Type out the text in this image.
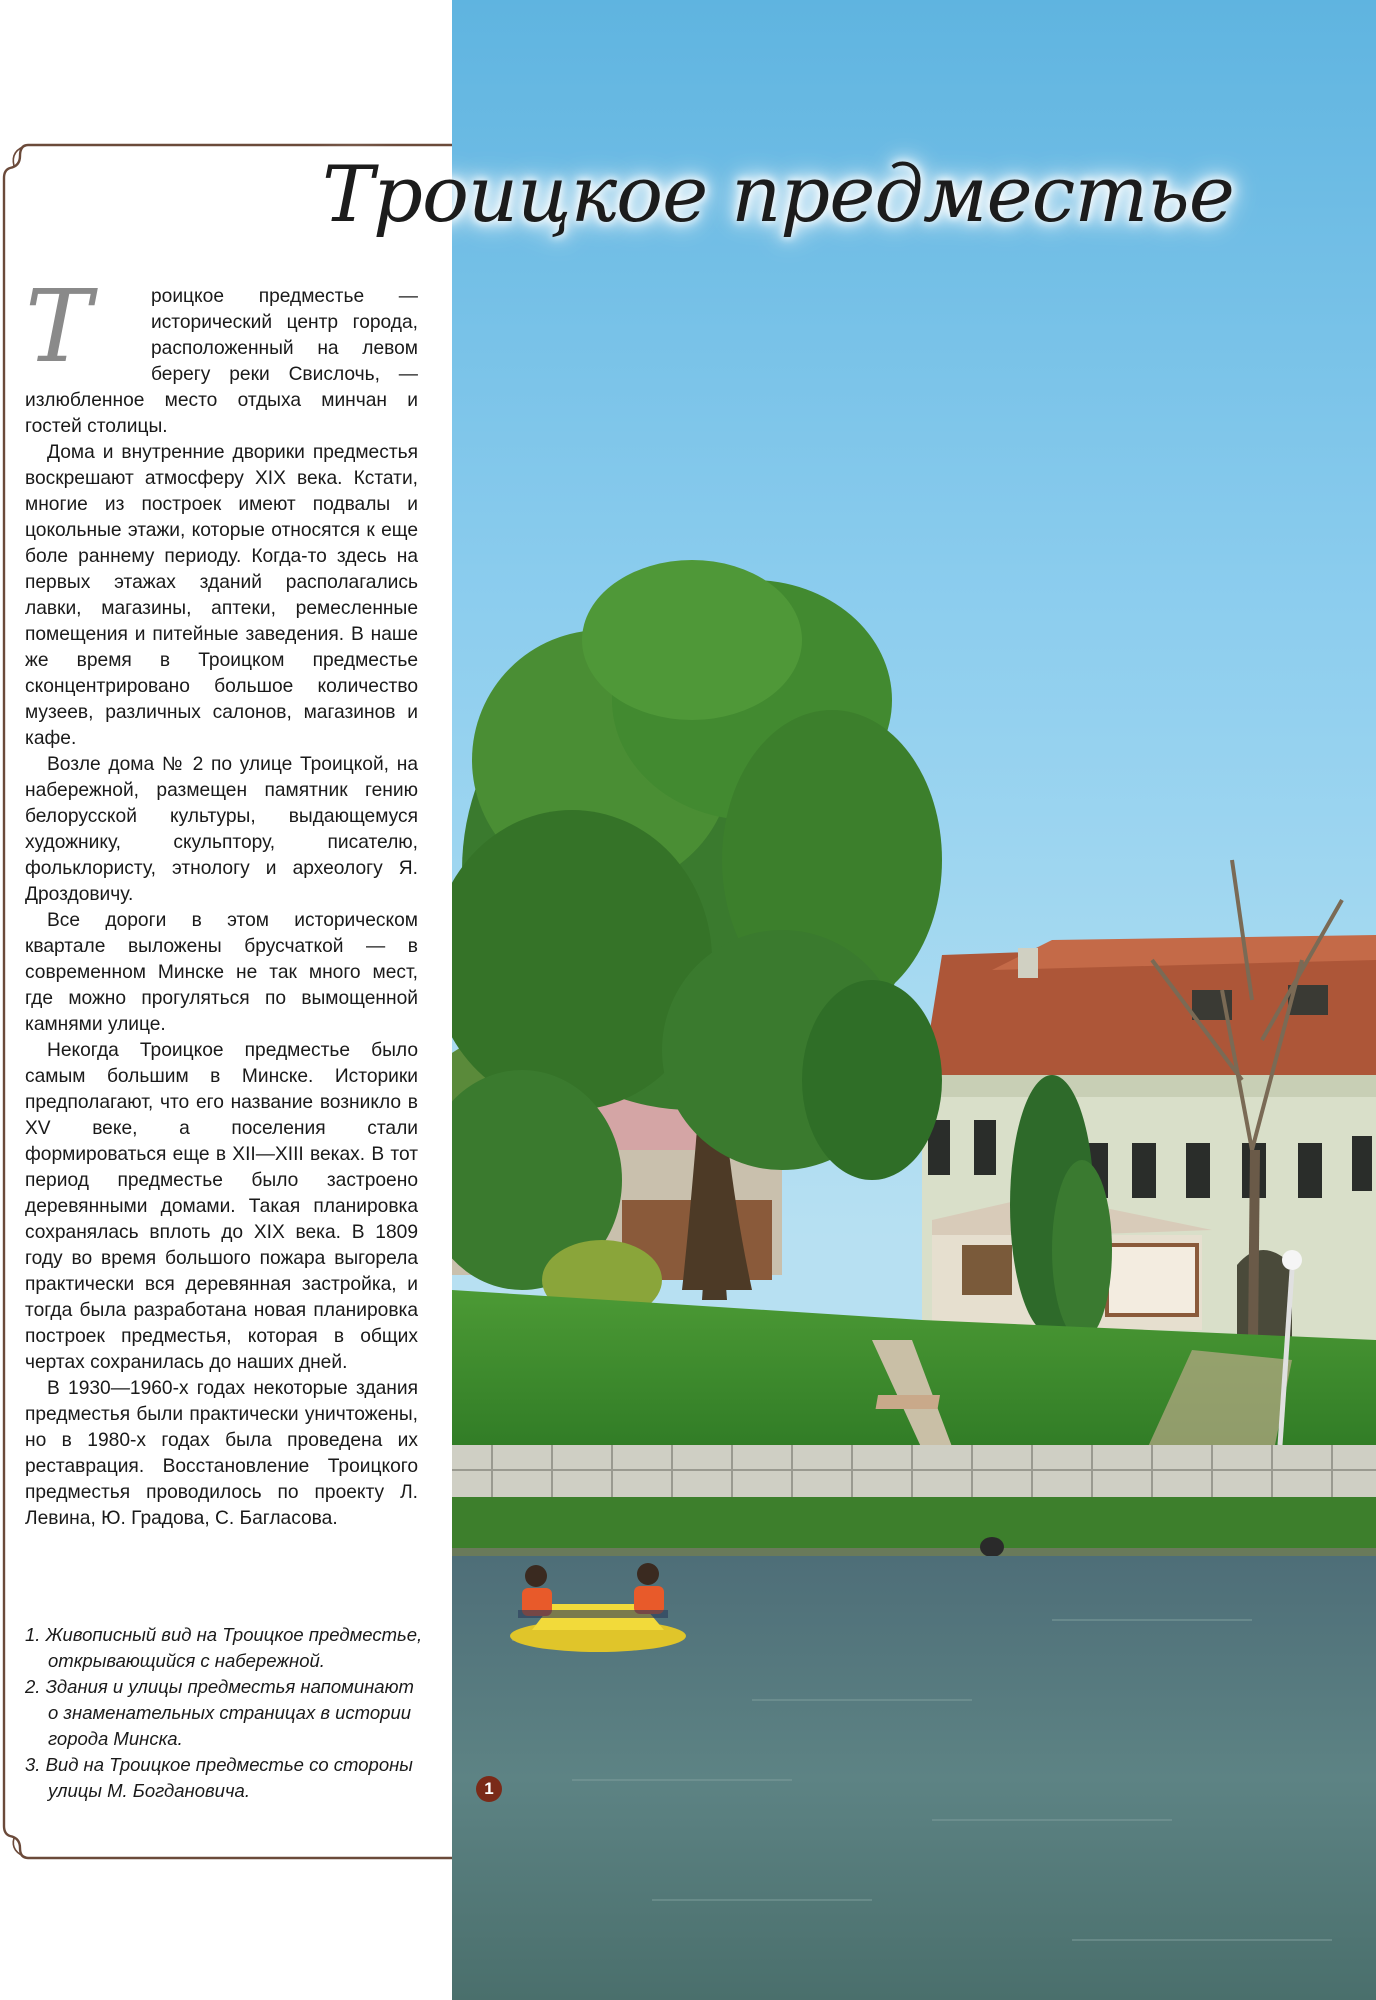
Т	роицкое предместье — исторический центр города, расположенный на левом берегу реки Свислочь, — излюбленное место отдыха минчан и гостей столицы.

Дома и внутренние дворики предместья воскрешают атмосферу XIX века. Кстати, многие из построек имеют подвалы и цокольные этажи, которые относятся к еще боле раннему периоду. Когда-то здесь на первых этажах зданий располагались лавки, магазины, аптеки, ремесленные помещения и питейные заведения. В наше же время в Троицком предместье сконцентрировано большое количество музеев, различных салонов, магазинов и кафе.

Возле дома № 2 по улице Троицкой, на набережной, размещен памятник гению белорусской культуры, выдающемуся художнику, скульптору, писателю, фольклористу, этнологу и археологу Я. Дроздовичу.

Все дороги в этом историческом квартале выложены брусчаткой — в современном Минске не так много мест, где можно прогуляться по вымощенной камнями улице.

Некогда Троицкое предместье было самым большим в Минске. Историки предполагают, что его название возникло в XV веке, а поселения стали формироваться еще в XII—XIII веках. В тот период предместье было застроено деревянными домами. Такая планировка сохранялась вплоть до XIX века. В 1809 году во время большого пожара выгорела практически вся деревянная застройка, и тогда была разработана новая планировка построек предместья, которая в общих чертах сохранилась до наших дней.

В 1930—1960-х годах некоторые здания предместья были практически уничтожены, но в 1980-х годах была проведена их реставрация. Восстановление Троицкого предместья проводилось по проекту Л. Левина, Ю. Градова, С. Багласова.

1. Живописный вид на Троицкое предместье, открывающийся с набережной.

2. Здания и улицы предместья напоминают о знаменательных страницах в истории города Минска.

3. Вид на Троицкое предместье со стороны улицы М. Богдановича.

Троицкое предместье
1
